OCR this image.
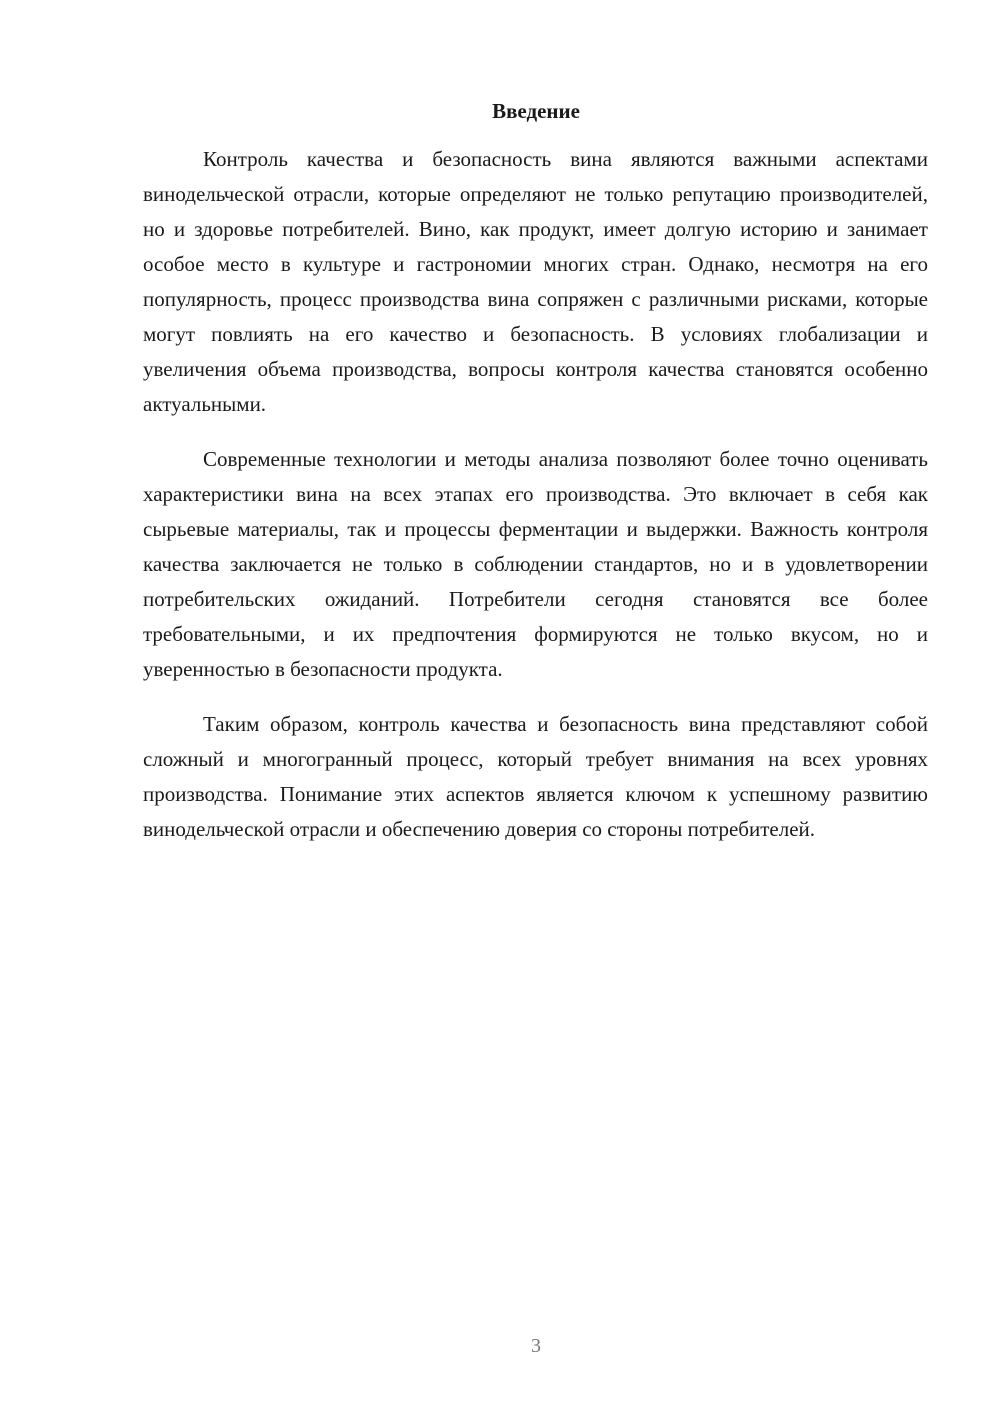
Введение

Контроль качества и безопасность вина являются важными аспектами винодельческой отрасли, которые определяют не только репутацию производителей, но и здоровье потребителей. Вино, как продукт, имеет долгую историю и занимает особое место в культуре и гастрономии многих стран. Однако, несмотря на его популярность, процесс производства вина сопряжен с различными рисками, которые могут повлиять на его качество и безопасность. В условиях глобализации и увеличения объема производства, вопросы контроля качества становятся особенно актуальными.

Современные технологии и методы анализа позволяют более точно оценивать характеристики вина на всех этапах его производства. Это включает в себя как сырьевые материалы, так и процессы ферментации и выдержки. Важность контроля качества заключается не только в соблюдении стандартов, но и в удовлетворении потребительских ожиданий. Потребители сегодня становятся все более требовательными, и их предпочтения формируются не только вкусом, но и уверенностью в безопасности продукта.

Таким образом, контроль качества и безопасность вина представляют собой сложный и многогранный процесс, который требует внимания на всех уровнях производства. Понимание этих аспектов является ключом к успешному развитию винодельческой отрасли и обеспечению доверия со стороны потребителей.

3
